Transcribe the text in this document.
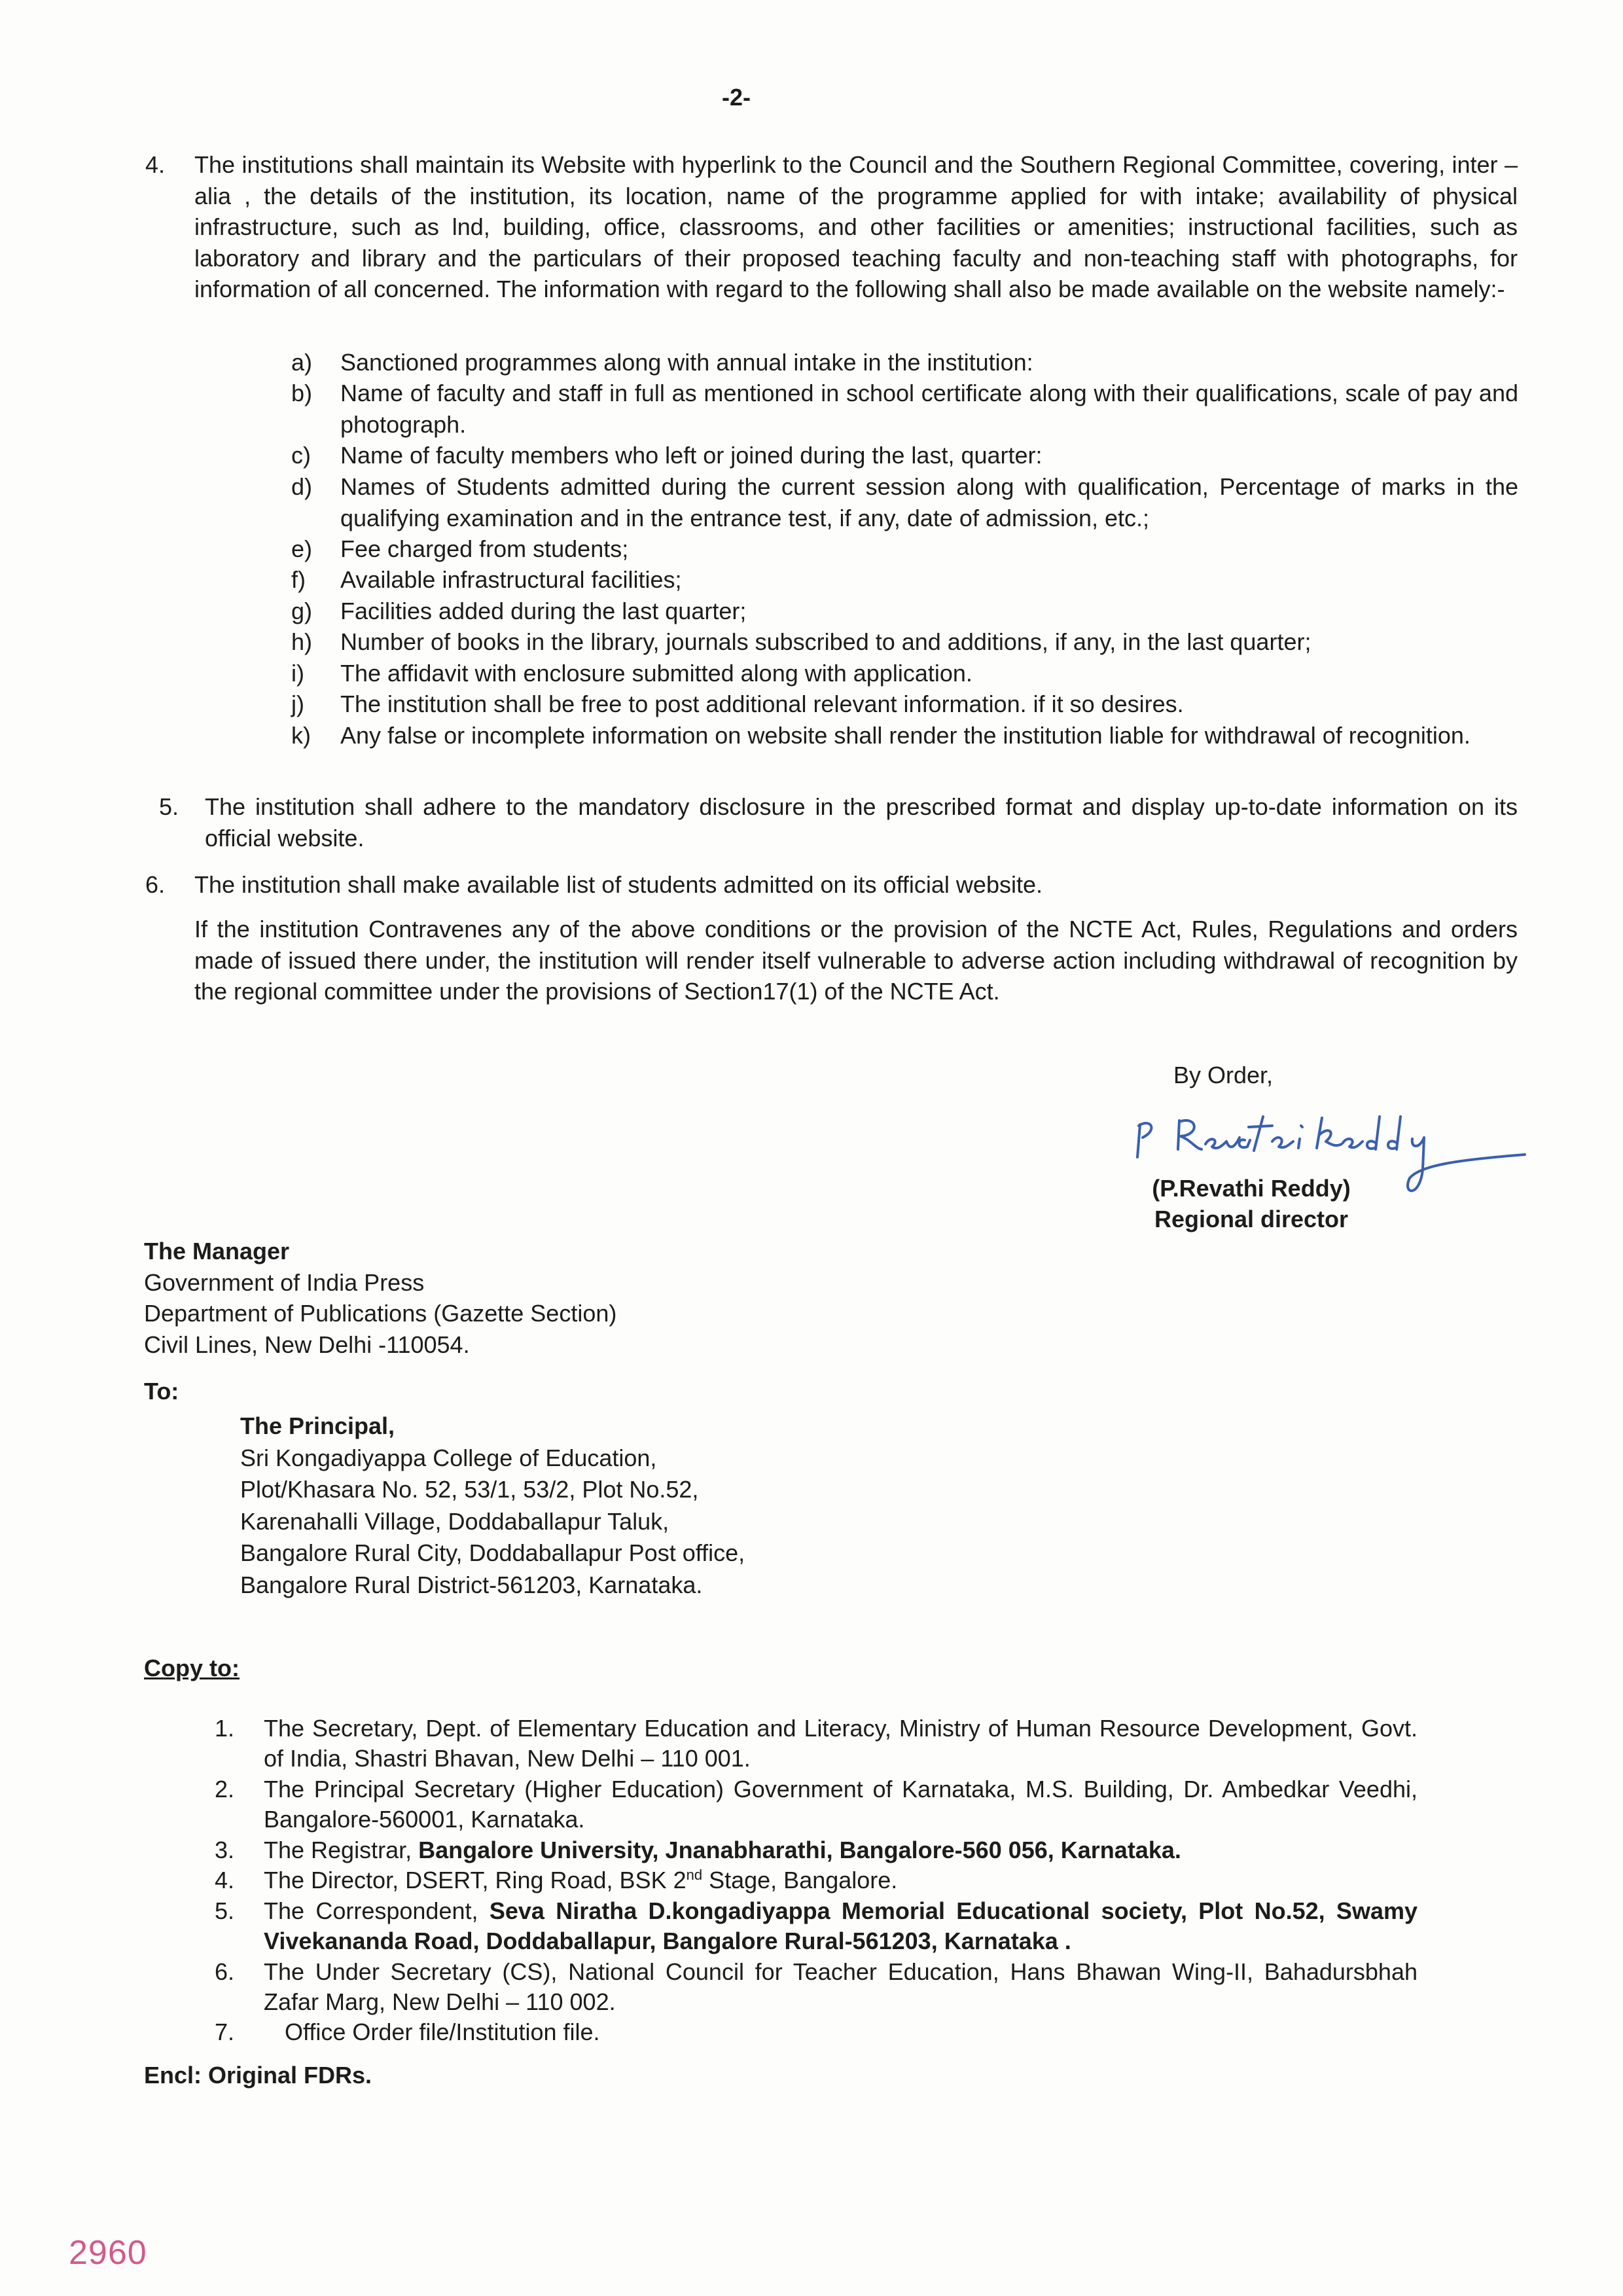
-2-
4. The institutions shall maintain its Website with hyperlink to the Council and the Southern Regional Committee, covering, inter –alia , the details of the institution, its location, name of the programme applied for with intake; availability of physical infrastructure, such as lnd, building, office, classrooms, and other facilities or amenities; instructional facilities, such as laboratory and library and the particulars of their proposed teaching faculty and non-teaching staff with photographs, for information of all concerned. The information with regard to the following shall also be made available on the website namely:-
a)	Sanctioned programmes along with annual intake in the institution:
b)	Name of faculty and staff in full as mentioned in school certificate along with their qualifications, scale of pay and photograph.
c)	Name of faculty members who left or joined during the last, quarter:
d)	Names of Students admitted during the current session along with qualification, Percentage of marks in the qualifying examination and in the entrance test, if any, date of admission, etc.;
e)	Fee charged from students;
f)	Available infrastructural facilities;
g)	Facilities added during the last quarter;
h)	Number of books in the library, journals subscribed to and additions, if any, in the last quarter;
i)	The affidavit with enclosure submitted along with application.
j)	The institution shall be free to post additional relevant information. if it so desires.
k)	Any false or incomplete information on website shall render the institution liable for withdrawal of recognition.
5. The institution shall adhere to the mandatory disclosure in the prescribed format and display up-to-date information on its official website.
6. The institution shall make available list of students admitted on its official website.
If the institution Contravenes any of the above conditions or the provision of the NCTE Act, Rules, Regulations and orders made of issued there under, the institution will render itself vulnerable to adverse action including withdrawal of recognition by the regional committee under the provisions of Section17(1) of the NCTE Act.
By Order,
(P.Revathi Reddy)
Regional director
The Manager
Government of India Press
Department of Publications (Gazette Section)
Civil Lines, New Delhi -110054.
To:
The Principal,
Sri Kongadiyappa College of Education,
Plot/Khasara No. 52, 53/1, 53/2, Plot No.52,
Karenahalli Village, Doddaballapur Taluk,
Bangalore Rural City, Doddaballapur Post office,
Bangalore Rural District-561203, Karnataka.
Copy to:
1. The Secretary, Dept. of Elementary Education and Literacy, Ministry of Human Resource Development, Govt. of India, Shastri Bhavan, New Delhi – 110 001.
2. The Principal Secretary (Higher Education) Government of Karnataka, M.S. Building, Dr. Ambedkar Veedhi, Bangalore-560001, Karnataka.
3. The Registrar, Bangalore University, Jnanabharathi, Bangalore-560 056, Karnataka.
4. The Director, DSERT, Ring Road, BSK 2nd Stage, Bangalore.
5. The Correspondent, Seva Niratha D.kongadiyappa Memorial Educational society, Plot No.52, Swamy Vivekananda Road, Doddaballapur, Bangalore Rural-561203, Karnataka .
6. The Under Secretary (CS), National Council for Teacher Education, Hans Bhawan Wing-II, Bahadursbhah Zafar Marg, New Delhi – 110 002.
7. Office Order file/Institution file.
Encl: Original FDRs.
2960
